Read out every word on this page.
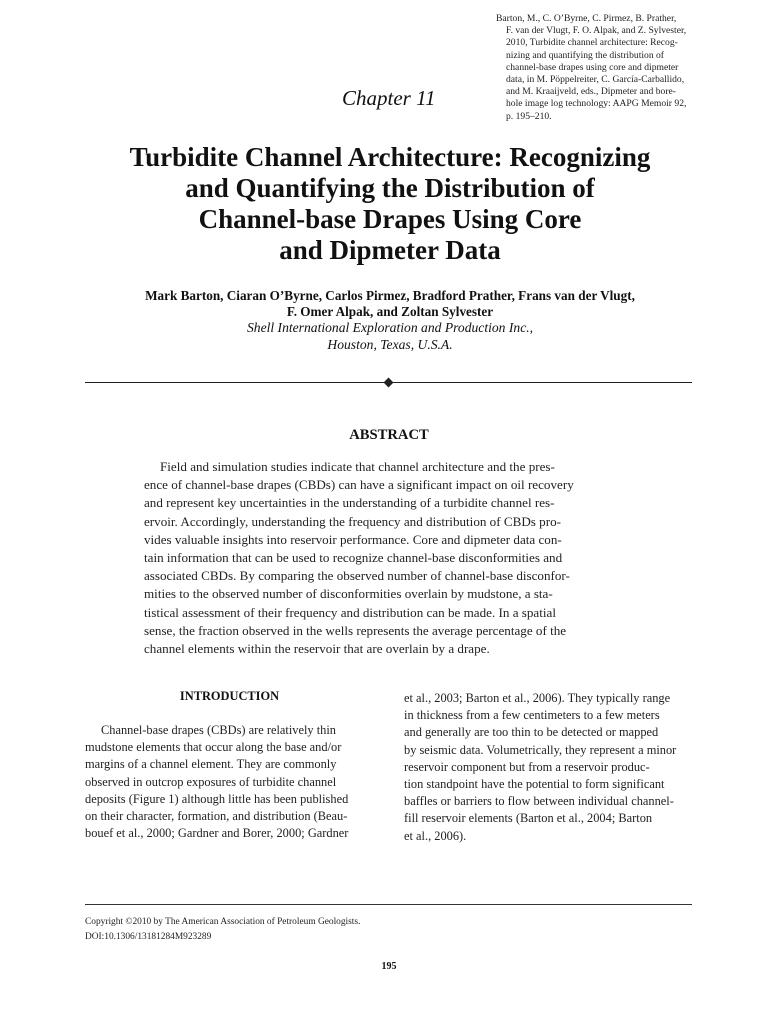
Barton, M., C. O’Byrne, C. Pirmez, B. Prather,
F. van der Vlugt, F. O. Alpak, and Z. Sylvester,
2010, Turbidite channel architecture: Recog-
nizing and quantifying the distribution of
channel-base drapes using core and dipmeter
data, in M. Pöppelreiter, C. García-Carballido,
and M. Kraaijveld, eds., Dipmeter and bore-
hole image log technology: AAPG Memoir 92,
p. 195–210.
Chapter 11
Turbidite Channel Architecture: Recognizing
and Quantifying the Distribution of
Channel-base Drapes Using Core
and Dipmeter Data
Mark Barton, Ciaran O’Byrne, Carlos Pirmez, Bradford Prather, Frans van der Vlugt,
F. Omer Alpak, and Zoltan Sylvester
Shell International Exploration and Production Inc.,
Houston, Texas, U.S.A.
ABSTRACT
Field and simulation studies indicate that channel architecture and the pres-
ence of channel-base drapes (CBDs) can have a significant impact on oil recovery
and represent key uncertainties in the understanding of a turbidite channel res-
ervoir. Accordingly, understanding the frequency and distribution of CBDs pro-
vides valuable insights into reservoir performance. Core and dipmeter data con-
tain information that can be used to recognize channel-base disconformities and
associated CBDs. By comparing the observed number of channel-base disconfor-
mities to the observed number of disconformities overlain by mudstone, a sta-
tistical assessment of their frequency and distribution can be made. In a spatial
sense, the fraction observed in the wells represents the average percentage of the
channel elements within the reservoir that are overlain by a drape.
INTRODUCTION
Channel-base drapes (CBDs) are relatively thin
mudstone elements that occur along the base and/or
margins of a channel element. They are commonly
observed in outcrop exposures of turbidite channel
deposits (Figure 1) although little has been published
on their character, formation, and distribution (Beau-
bouef et al., 2000; Gardner and Borer, 2000; Gardner
et al., 2003; Barton et al., 2006). They typically range
in thickness from a few centimeters to a few meters
and generally are too thin to be detected or mapped
by seismic data. Volumetrically, they represent a minor
reservoir component but from a reservoir produc-
tion standpoint have the potential to form significant
baffles or barriers to flow between individual channel-
fill reservoir elements (Barton et al., 2004; Barton
et al., 2006).
Copyright ©2010 by The American Association of Petroleum Geologists.
DOI:10.1306/13181284M923289
195
